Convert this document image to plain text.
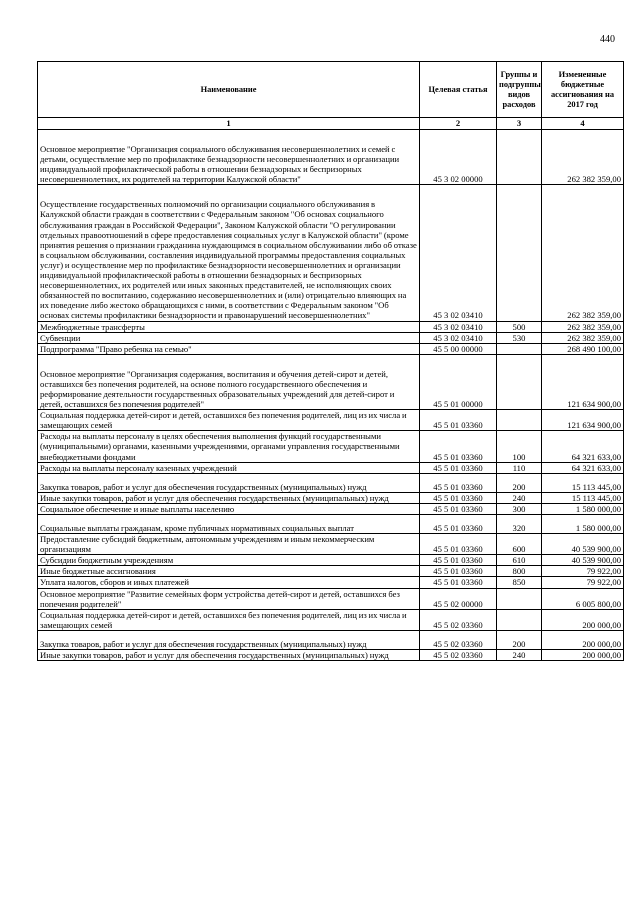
440
Наименование	Целевая статья	Группы и подгруппы видов расходов	Измененные бюджетные ассигнования на 2017 год
1	2	3	4

Основное мероприятие "Организация социального обслуживания несовершеннолетних и семей с детьми, осуществление мер по профилактике безнадзорности несовершеннолетних и организации индивидуальной профилактической работы в отношении безнадзорных и беспризорных несовершеннолетних, их родителей на территории Калужской области"	45 3 02 00000		262 382 359,00

Осуществление государственных полномочий по организации социального обслуживания в Калужской области граждан в соответствии с Федеральным законом "Об основах социального обслуживания граждан в Российской Федерации", Законом Калужской области "О регулировании отдельных правоотношений в сфере предоставления социальных услуг в Калужской области" (кроме принятия решения о признании гражданина нуждающимся в социальном обслуживании либо об отказе в социальном обслуживании, составления индивидуальной программы предоставления социальных услуг) и осуществление мер по профилактике безнадзорности несовершеннолетних и организации индивидуальной профилактической работы в отношении безнадзорных и беспризорных несовершеннолетних, их родителей или иных законных представителей, не исполняющих своих обязанностей по воспитанию, содержанию несовершеннолетних и (или) отрицательно влияющих на их поведение либо жестоко обращающихся с ними, в соответствии с Федеральным законом "Об основах системы профилактики безнадзорности и правонарушений несовершеннолетних"	45 3 02 03410		262 382 359,00
Межбюджетные трансферты	45 3 02 03410	500	262 382 359,00
Субвенции	45 3 02 03410	530	262 382 359,00
Подпрограмма "Право ребенка на семью"	45 5 00 00000		268 490 100,00

Основное мероприятие "Организация содержания, воспитания и обучения детей-сирот и детей, оставшихся без попечения родителей, на основе полного государственного обеспечения и реформирование деятельности государственных образовательных учреждений для детей-сирот и детей, оставшихся без попечения родителей"	45 5 01 00000		121 634 900,00
Социальная поддержка детей-сирот и детей, оставшихся без попечения родителей, лиц из их числа и замещающих семей	45 5 01 03360		121 634 900,00
Расходы на выплаты персоналу в целях обеспечения выполнения функций государственными (муниципальными) органами, казенными учреждениями, органами управления государственными внебюджетными фондами	45 5 01 03360	100	64 321 633,00
Расходы на выплаты персоналу казенных учреждений	45 5 01 03360	110	64 321 633,00

Закупка товаров, работ и услуг для обеспечения государственных (муниципальных) нужд	45 5 01 03360	200	15 113 445,00
Иные закупки товаров, работ и услуг для обеспечения государственных (муниципальных) нужд	45 5 01 03360	240	15 113 445,00
Социальное обеспечение и иные выплаты населению	45 5 01 03360	300	1 580 000,00

Социальные выплаты гражданам, кроме публичных нормативных социальных выплат	45 5 01 03360	320	1 580 000,00
Предоставление субсидий бюджетным, автономным учреждениям и иным некоммерческим организациям	45 5 01 03360	600	40 539 900,00
Субсидии бюджетным учреждениям	45 5 01 03360	610	40 539 900,00
Иные бюджетные ассигнования	45 5 01 03360	800	79 922,00
Уплата налогов, сборов и иных платежей	45 5 01 03360	850	79 922,00
Основное мероприятие "Развитие семейных форм устройства детей-сирот и детей, оставшихся без попечения родителей"	45 5 02 00000		6 005 800,00
Социальная поддержка детей-сирот и детей, оставшихся без попечения родителей, лиц из их числа и замещающих семей	45 5 02 03360		200 000,00

Закупка товаров, работ и услуг для обеспечения государственных (муниципальных) нужд	45 5 02 03360	200	200 000,00
Иные закупки товаров, работ и услуг для обеспечения государственных (муниципальных) нужд	45 5 02 03360	240	200 000,00
